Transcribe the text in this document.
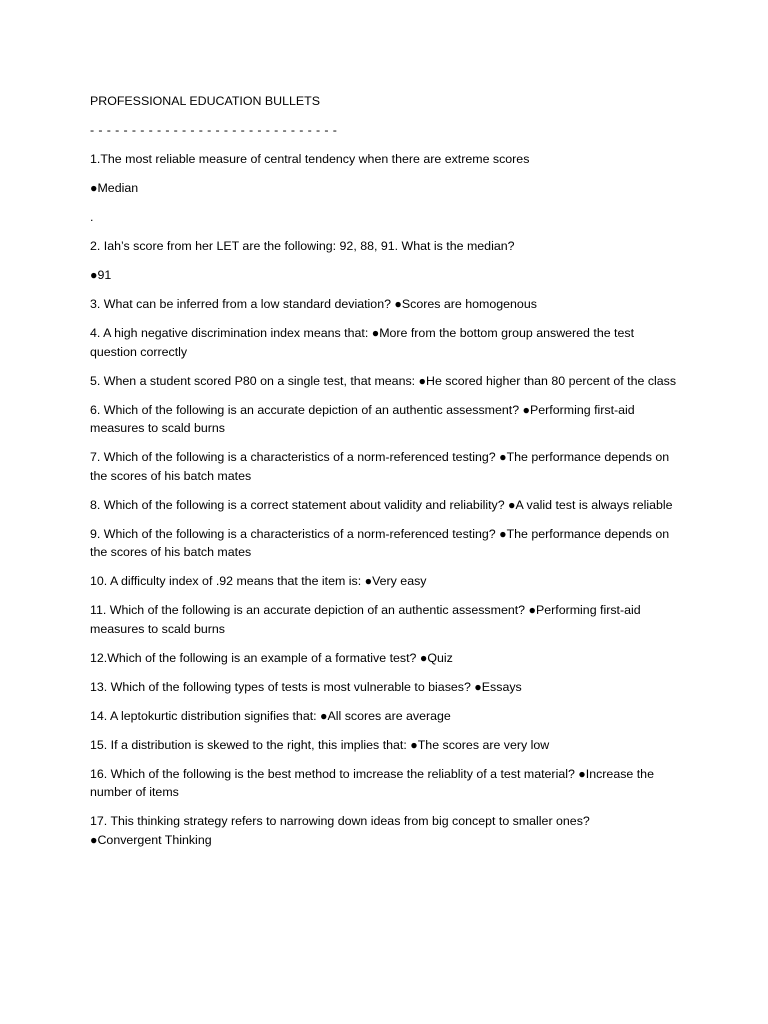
PROFESSIONAL EDUCATION BULLETS

- - - - - - - - - - - - - - - - - - - - - - - - - - - - - -

1.The most reliable measure of central tendency when there are extreme scores

●Median

.

2. Iah’s score from her LET are the following: 92, 88, 91. What is the median?

●91

3. What can be inferred from a low standard deviation? ●Scores are homogenous

4. A high negative discrimination index means that: ●More from the bottom group answered the test question correctly

5. When a student scored P80 on a single test, that means: ●He scored higher than 80 percent of the class

6. Which of the following is an accurate depiction of an authentic assessment? ●Performing first-aid measures to scald burns

7. Which of the following is a characteristics of a norm-referenced testing? ●The performance depends on the scores of his batch mates

8. Which of the following is a correct statement about validity and reliability? ●A valid test is always reliable

9. Which of the following is a characteristics of a norm-referenced testing? ●The performance depends on the scores of his batch mates

10. A difficulty index of .92 means that the item is: ●Very easy

11. Which of the following is an accurate depiction of an authentic assessment? ●Performing first-aid measures to scald burns

12.Which of the following is an example of a formative test? ●Quiz

13. Which of the following types of tests is most vulnerable to biases? ●Essays

14. A leptokurtic distribution signifies that: ●All scores are average

15. If a distribution is skewed to the right, this implies that: ●The scores are very low

16. Which of the following is the best method to imcrease the reliablity of a test material? ●Increase the number of items

17. This thinking strategy refers to narrowing down ideas from big concept to smaller ones?
●Convergent Thinking
